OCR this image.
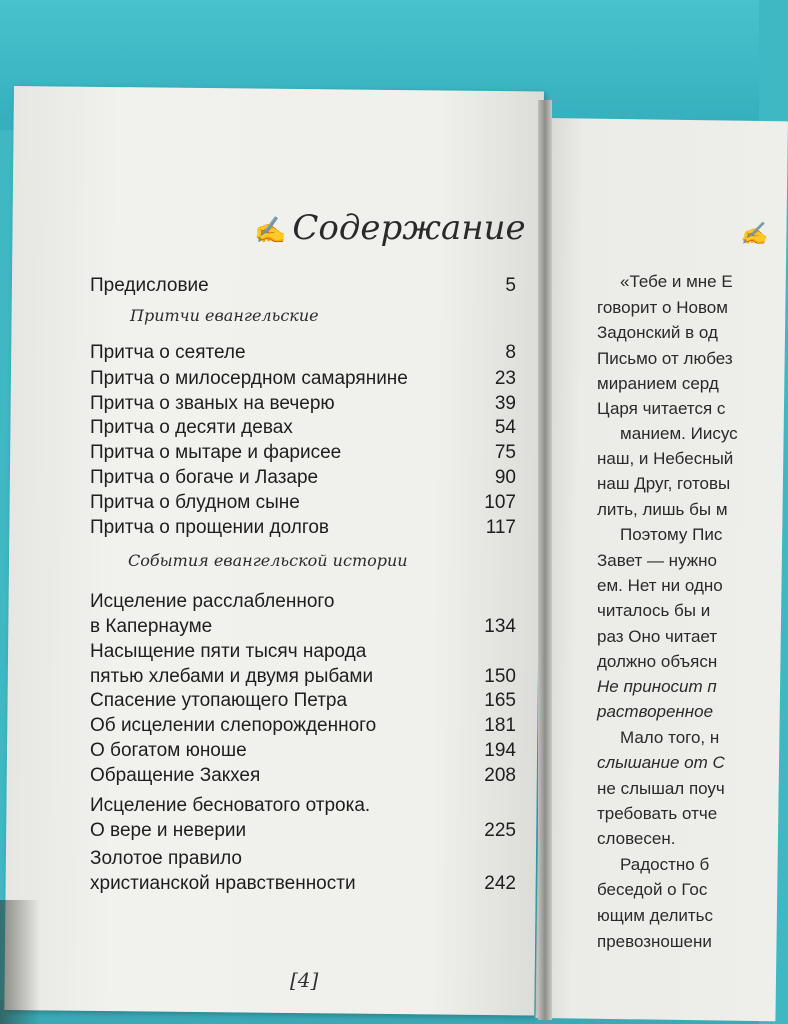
✍ Содержание
Предисловие	5
Притчи евангельские
Притча о сеятеле	8
Притча о милосердном самарянине	23
Притча о званых на вечерю	39
Притча о десяти девах	54
Притча о мытаре и фарисее	75
Притча о богаче и Лазаре	90
Притча о блудном сыне	107
Притча о прощении долгов	117
События евангельской истории
Исцеление расслабленного
в Капернауме	134
Насыщение пяти тысяч народа
пятью хлебами и двумя рыбами	150
Спасение утопающего Петра	165
Об исцелении слепорожденного	181
О богатом юноше	194
Обращение Закхея	208
Исцеление бесноватого отрока.
О вере и неверии	225
Золотое правило
христианской нравственности	242
[4]
✍
«Тебе и мне Е
говорит о Новом
Задонский в од
Письмо от любез
миранием серд
Царя читается с
манием. Иисус
наш, и Небесный
наш Друг, готовы
лить, лишь бы м
Поэтому Пис
Завет — нужно
ем. Нет ни одно
читалось бы и
раз Оно читает
должно объясн
Не приносит п
растворенное
Мало того, н
слышание от С
не слышал поуч
требовать отче
словесен.
Радостно б
беседой о Гос
ющим делитьс
превозношени
